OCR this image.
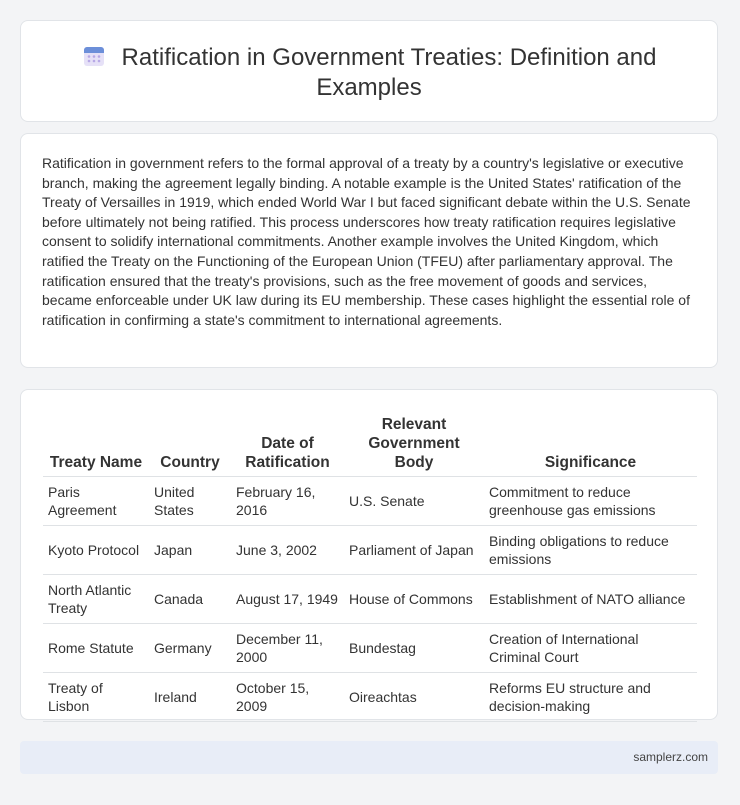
Ratification in Government Treaties: Definition and Examples
Ratification in government refers to the formal approval of a treaty by a country's legislative or executive branch, making the agreement legally binding. A notable example is the United States' ratification of the Treaty of Versailles in 1919, which ended World War I but faced significant debate within the U.S. Senate before ultimately not being ratified. This process underscores how treaty ratification requires legislative consent to solidify international commitments. Another example involves the United Kingdom, which ratified the Treaty on the Functioning of the European Union (TFEU) after parliamentary approval. The ratification ensured that the treaty's provisions, such as the free movement of goods and services, became enforceable under UK law during its EU membership. These cases highlight the essential role of ratification in confirming a state's commitment to international agreements.
Treaty Name	Country	Date of Ratification	Relevant Government Body	Significance
Paris Agreement	United States	February 16, 2016	U.S. Senate	Commitment to reduce greenhouse gas emissions
Kyoto Protocol	Japan	June 3, 2002	Parliament of Japan	Binding obligations to reduce emissions
North Atlantic Treaty	Canada	August 17, 1949	House of Commons	Establishment of NATO alliance
Rome Statute	Germany	December 11, 2000	Bundestag	Creation of International Criminal Court
Treaty of Lisbon	Ireland	October 15, 2009	Oireachtas	Reforms EU structure and decision-making
samplerz.com
